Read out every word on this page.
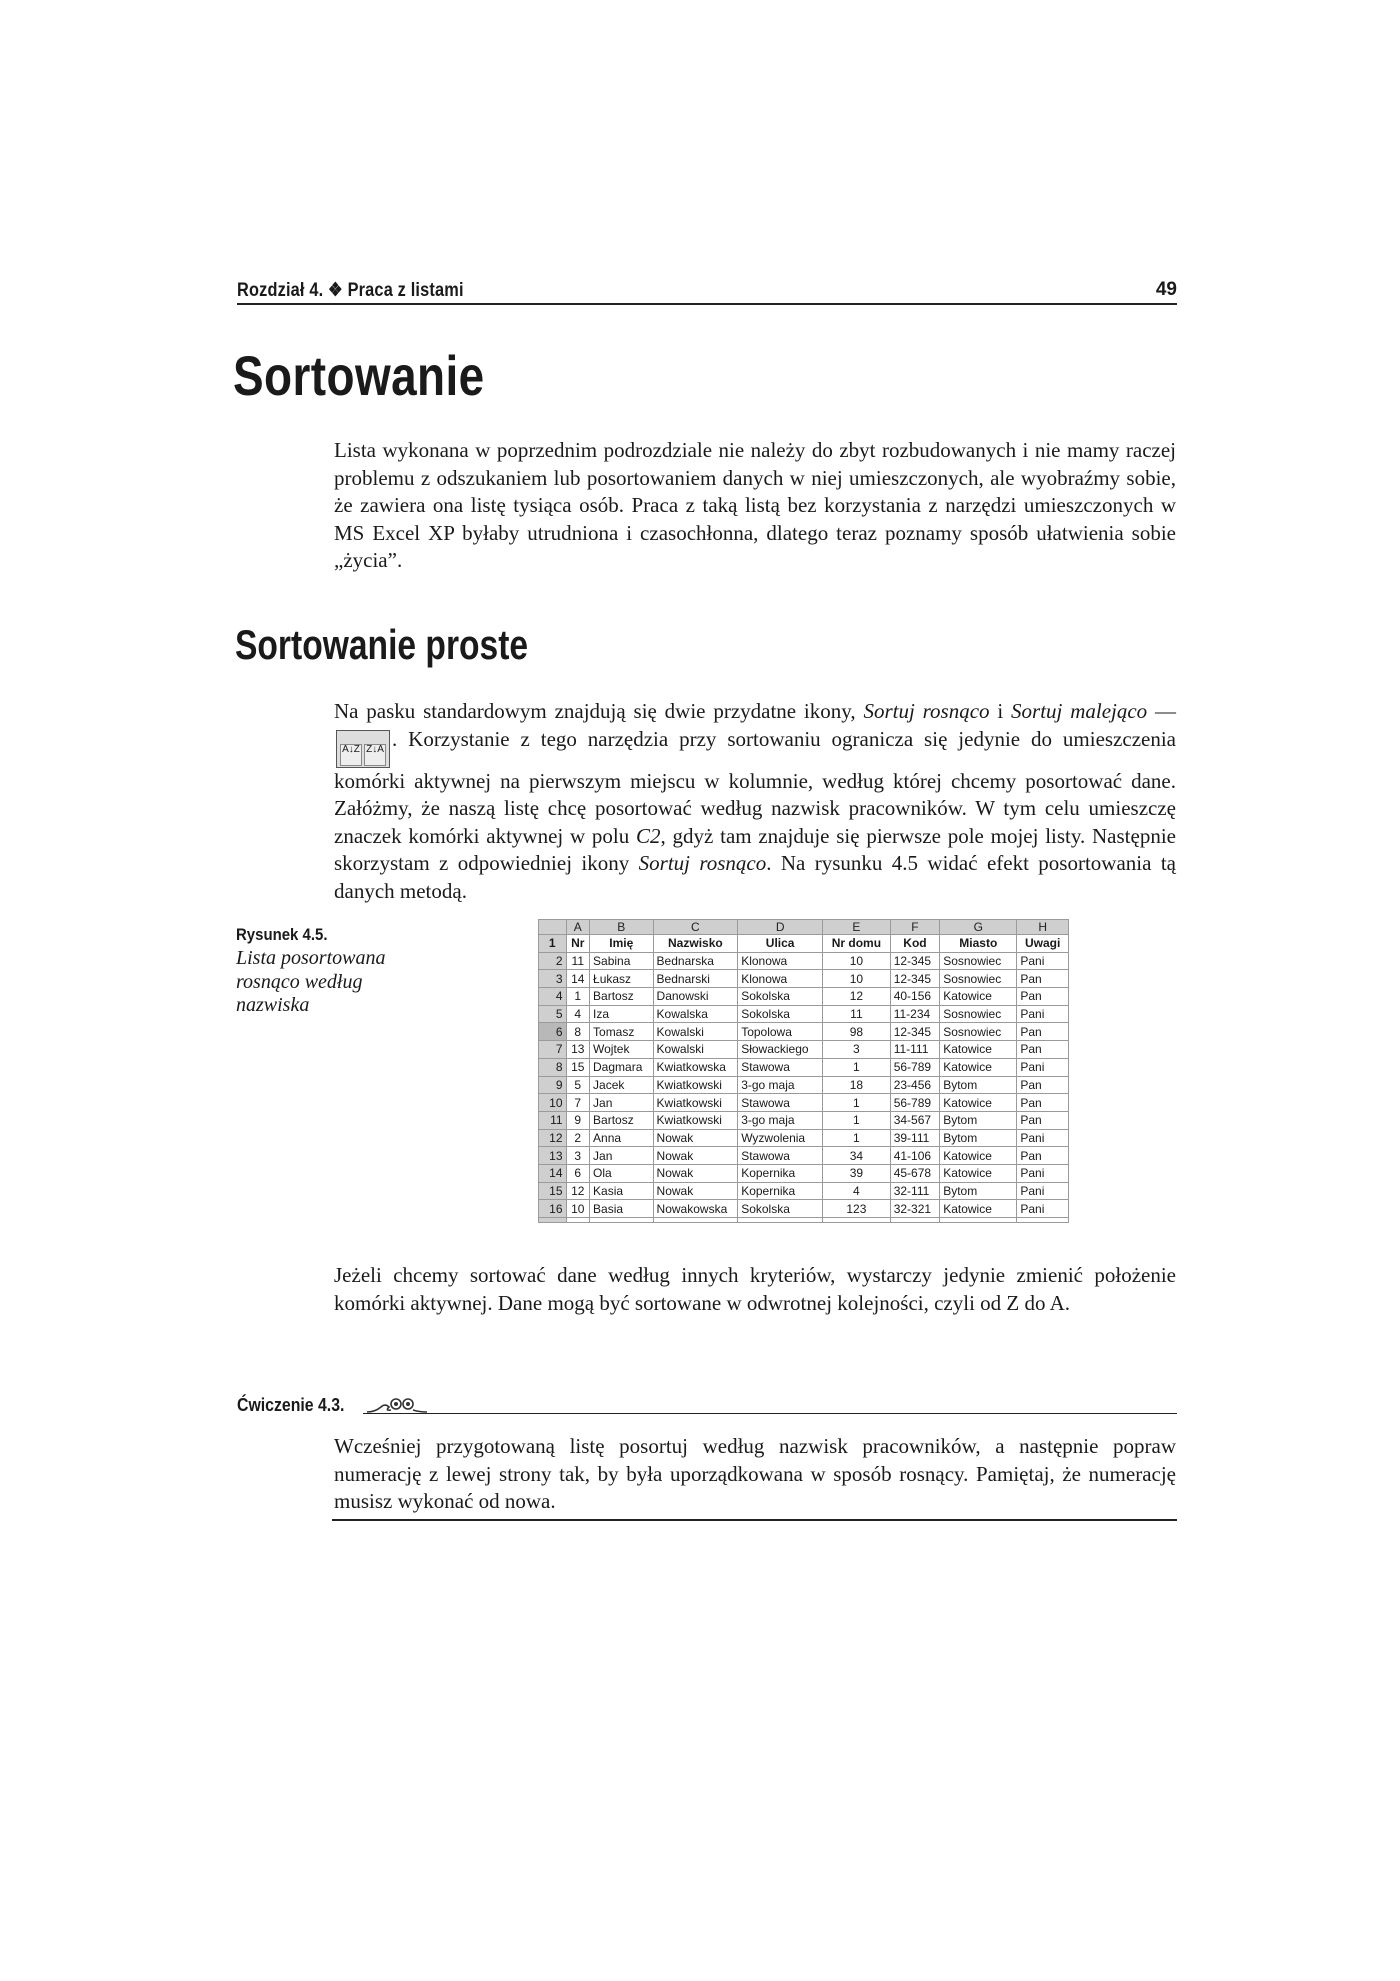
Rozdział 4. ❖ Praca z listami	49
Sortowanie

Lista wykonana w poprzednim podrozdziale nie należy do zbyt rozbudowanych i nie mamy raczej problemu z odszukaniem lub posortowaniem danych w niej umieszczonych, ale wyobraźmy sobie, że zawiera ona listę tysiąca osób. Praca z taką listą bez korzystania z narzędzi umieszczonych w MS Excel XP byłaby utrudniona i czasochłonna, dlatego teraz poznamy sposób ułatwienia sobie „życia”.

Sortowanie proste

Na pasku standardowym znajdują się dwie przydatne ikony, Sortuj rosnąco i Sortuj malejąco — A↓Z Z↓A . Korzystanie z tego narzędzia przy sortowaniu ogranicza się jedynie do umieszczenia komórki aktywnej na pierwszym miejscu w kolumnie, według której chcemy posortować dane. Załóżmy, że naszą listę chcę posortować według nazwisk pracowników. W tym celu umieszczę znaczek komórki aktywnej w polu C2, gdyż tam znajduje się pierwsze pole mojej listy. Następnie skorzystam z odpowiedniej ikony Sortuj rosnąco. Na rysunku 4.5 widać efekt posortowania tą danych metodą.

Rysunek 4.5.
Lista posortowana rosnąco według nazwiska
	A	B	C	D	E	F	G	H
1	Nr	Imię	Nazwisko	Ulica	Nr domu	Kod	Miasto	Uwagi
2	11	Sabina	Bednarska	Klonowa	10	12-345	Sosnowiec	Pani
3	14	Łukasz	Bednarski	Klonowa	10	12-345	Sosnowiec	Pan
4	1	Bartosz	Danowski	Sokolska	12	40-156	Katowice	Pan
5	4	Iza	Kowalska	Sokolska	11	11-234	Sosnowiec	Pani
6	8	Tomasz	Kowalski	Topolowa	98	12-345	Sosnowiec	Pan
7	13	Wojtek	Kowalski	Słowackiego	3	11-111	Katowice	Pan
8	15	Dagmara	Kwiatkowska	Stawowa	1	56-789	Katowice	Pani
9	5	Jacek	Kwiatkowski	3-go maja	18	23-456	Bytom	Pan
10	7	Jan	Kwiatkowski	Stawowa	1	56-789	Katowice	Pan
11	9	Bartosz	Kwiatkowski	3-go maja	1	34-567	Bytom	Pan
12	2	Anna	Nowak	Wyzwolenia	1	39-111	Bytom	Pani
13	3	Jan	Nowak	Stawowa	34	41-106	Katowice	Pan
14	6	Ola	Nowak	Kopernika	39	45-678	Katowice	Pani
15	12	Kasia	Nowak	Kopernika	4	32-111	Bytom	Pani
16	10	Basia	Nowakowska	Sokolska	123	32-321	Katowice	Pani

Jeżeli chcemy sortować dane według innych kryteriów, wystarczy jedynie zmienić położenie komórki aktywnej. Dane mogą być sortowane w odwrotnej kolejności, czyli od Z do A.

Ćwiczenie 4.3.

Wcześniej przygotowaną listę posortuj według nazwisk pracowników, a następnie popraw numerację z lewej strony tak, by była uporządkowana w sposób rosnący. Pamiętaj, że numerację musisz wykonać od nowa.
